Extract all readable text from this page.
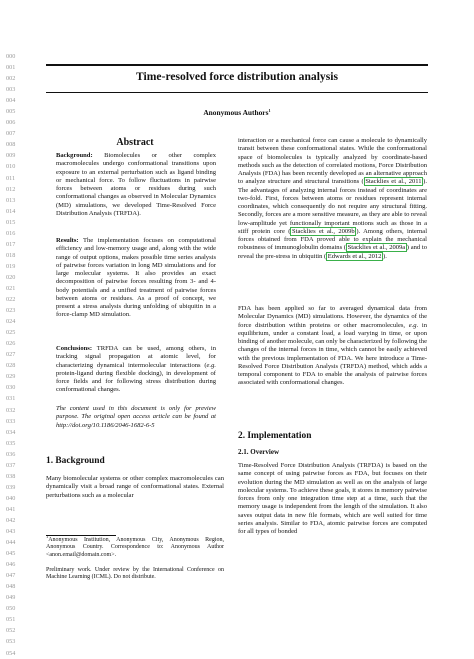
000
001
002
003
004
005
006
007
008
009
010
011
012
013
014
015
016
017
018
019
020
021
022
023
024
025
026
027
028
029
030
031
032
033
034
035
036
037
038
039
040
041
042
043
044
045
046
047
048
049
050
051
052
053
054
Time-resolved force distribution analysis
Anonymous Authors$^1$
Abstract
Background: Biomolecules or other complex macromolecules undergo conformational transitions upon exposure to an external perturbation such as ligand binding or mechanical force. To follow fluctuations in pairwise forces between atoms or residues during such conformational changes as observed in Molecular Dynamics (MD) simulations, we developed Time-Resolved Force Distribution Analysis (TRFDA).
Results: The implementation focuses on computational efficiency and low-memory usage and, along with the wide range of output options, makes possible time series analysis of pairwise forces variation in long MD simulations and for large molecular systems. It also provides an exact decomposition of pairwise forces resulting from 3- and 4-body potentials and a unified treatment of pairwise forces between atoms or residues. As a proof of concept, we present a stress analysis during unfolding of ubiquitin in a force-clamp MD simulation.
Conclusions: TRFDA can be used, among others, in tracking signal propagation at atomic level, for characterizing dynamical intermolecular interactions (e.g. protein-ligand during flexible docking), in development of force fields and for following stress distribution during conformational changes.
The content used in this document is only for preview purpose. The original open access article can be found at http://doi.org/10.1186/2046-1682-6-5
1. Background
Many biomolecular systems or other complex macromolecules can dynamically visit a broad range of conformational states. External perturbations such as a molecular
$^1$Anonymous Institution, Anonymous City, Anonymous Region, Anonymous Country. Correspondence to: Anonymous Author <anon.email@domain.com>.
Preliminary work. Under review by the International Conference on Machine Learning (ICML). Do not distribute.
interaction or a mechanical force can cause a molecule to dynamically transit between these conformational states. While the conformational space of biomolecules is typically analyzed by coordinate-based methods such as the detection of correlated motions, Force Distribution Analysis (FDA) has been recently developed as an alternative approach to analyze structure and structural transitions ( Stacklies et al., 2011 ). The advantages of analyzing internal forces instead of coordinates are two-fold. First, forces between atoms or residues represent internal coordinates, which consequently do not require any structural fitting. Secondly, forces are a more sensitive measure, as they are able to reveal low-amplitude yet functionally important motions such as those in a stiff protein core ( Stacklies et al., 2009b ). Among others, internal forces obtained from FDA proved able to explain the mechanical robustness of immunoglobulin domains ( Stacklies et al., 2009a ) and to reveal the pre-stress in ubiquitin ( Edwards et al., 2012 ).
FDA has been applied so far to averaged dynamical data from Molecular Dynamics (MD) simulations. However, the dynamics of the force distribution within proteins or other macromolecules, e.g. in equilibrium, under a constant load, a load varying in time, or upon binding of another molecule, can only be characterized by following the changes of the internal forces in time, which cannot be easily achieved with the previous implementation of FDA. We here introduce a Time-Resolved Force Distribution Analysis (TRFDA) method, which adds a temporal component to FDA to enable the analysis of pairwise forces associated with conformational changes.
2. Implementation
2.1. Overview
Time-Resolved Force Distribution Analysis (TRFDA) is based on the same concept of using pairwise forces as FDA, but focuses on their evolution during the MD simulation as well as on the analysis of large molecular systems. To achieve these goals, it stores in memory pairwise forces from only one integration time step at a time, such that the memory usage is independent from the length of the simulation. It also saves output data in new file formats, which are well suited for time series analysis. Similar to FDA, atomic pairwise forces are computed for all types of bonded
